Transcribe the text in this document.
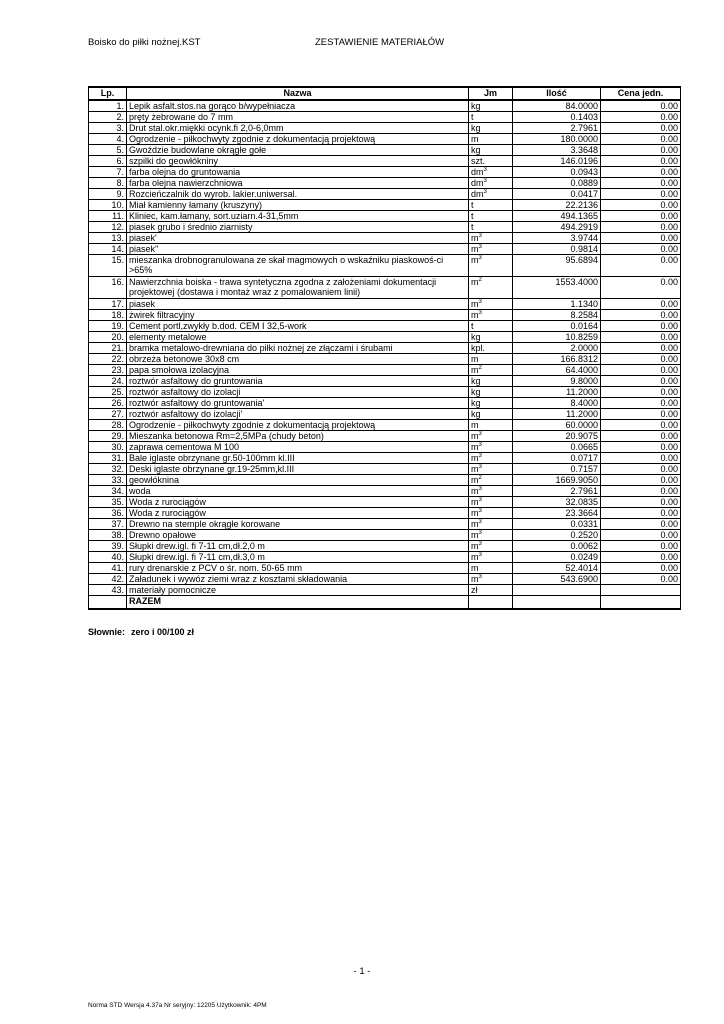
Boisko do piłki nożnej.KST	ZESTAWIENIE MATERIAŁÓW
Lp.	Nazwa	Jm	Ilość	Cena jedn.
1.	Lepik asfalt.stos.na gorąco b/wypełniacza	kg	84.0000	0.00
2.	pręty żebrowane do 7 mm	t	0.1403	0.00
3.	Drut stal.okr.miękki ocynk.fi 2,0-6,0mm	kg	2.7961	0.00
4.	Ogrodzenie - piłkochwyty zgodnie z dokumentacją projektową	m	180.0000	0.00
5.	Gwoździe budowlane okrągłe gołe	kg	3.3648	0.00
6.	szpilki do geowłókniny	szt.	146.0196	0.00
7.	farba olejna do gruntowania	$dm^3$	0.0943	0.00
8.	farba olejna nawierzchniowa	$dm^3$	0.0889	0.00
9.	Rozcieńczalnik do wyrob. lakier.uniwersal.	$dm^3$	0.0417	0.00
10.	Miał kamienny łamany (kruszyny)	t	22.2136	0.00
11.	Kliniec, kam.łamany, sort.uziarn.4-31,5mm	t	494.1365	0.00
12.	piasek grubo i średnio ziarnisty	t	494.2919	0.00
13.	piasek'	$m^3$	3.9744	0.00
14.	piasek''	$m^3$	0.9814	0.00
15.	mieszanka drobnogranulowana ze skał magmowych o wskaźniku piaskowoś-ci >65%	$m^3$	95.6894	0.00
16.	Nawierzchnia boiska - trawa syntetyczna zgodna z założeniami dokumentacji projektowej (dostawa i montaż wraz z pomalowaniem linii)	$m^2$	1553.4000	0.00
17.	piasek	$m^3$	1.1340	0.00
18.	żwirek filtracyjny	$m^3$	8.2584	0.00
19.	Cement portl,zwykły b.dod. CEM I 32,5-work	t	0.0164	0.00
20.	elementy metalowe	kg	10.8259	0.00
21.	bramka metalowo-drewniana do piłki nożnej ze złączami i śrubami	kpl.	2.0000	0.00
22.	obrzeża betonowe 30x8 cm	m	166.8312	0.00
23.	papa smołowa izolacyjna	$m^2$	64.4000	0.00
24.	roztwór asfaltowy do gruntowania	kg	9.8000	0.00
25.	roztwór asfaltowy do izolacji	kg	11.2000	0.00
26.	roztwór asfaltowy do gruntowania'	kg	8.4000	0.00
27.	roztwór asfaltowy do izolacji'	kg	11.2000	0.00
28.	Ogrodzenie - piłkochwyty zgodnie z dokumentacją projektową	m	60.0000	0.00
29.	Mieszanka betonowa Rm=2,5MPa (chudy beton)	$m^3$	20.9075	0.00
30.	zaprawa cementowa M 100	$m^3$	0.0665	0.00
31.	Bale iglaste obrzynane gr.50-100mm kl.III	$m^3$	0.0717	0.00
32.	Deski iglaste obrzynane gr.19-25mm,kl.III	$m^3$	0.7157	0.00
33.	geowłóknina	$m^2$	1669.9050	0.00
34.	woda	$m^3$	2.7961	0.00
35.	Woda z rurociągów	$m^3$	32.0835	0.00
36.	Woda z rurociągów	$m^3$	23.3664	0.00
37.	Drewno na stemple okrągłe korowane	$m^3$	0.0331	0.00
38.	Drewno opałowe	$m^3$	0.2520	0.00
39.	Słupki drew.igl. fi 7-11 cm,dł.2,0 m	$m^3$	0.0062	0.00
40.	Słupki drew.igl. fi 7-11 cm,dł.3,0 m	$m^3$	0.0249	0.00
41.	rury drenarskie z PCV o śr. nom. 50-65 mm	m	52.4014	0.00
42.	Załadunek i wywóz ziemi wraz z kosztami składowania	$m^3$	543.6900	0.00
43.	materiały pomocnicze	zł		
	RAZEM			
Słownie: zero i 00/100 zł
- 1 -
Norma STD Wersja 4.37a Nr seryjny: 12205 Użytkownik: 4PM
